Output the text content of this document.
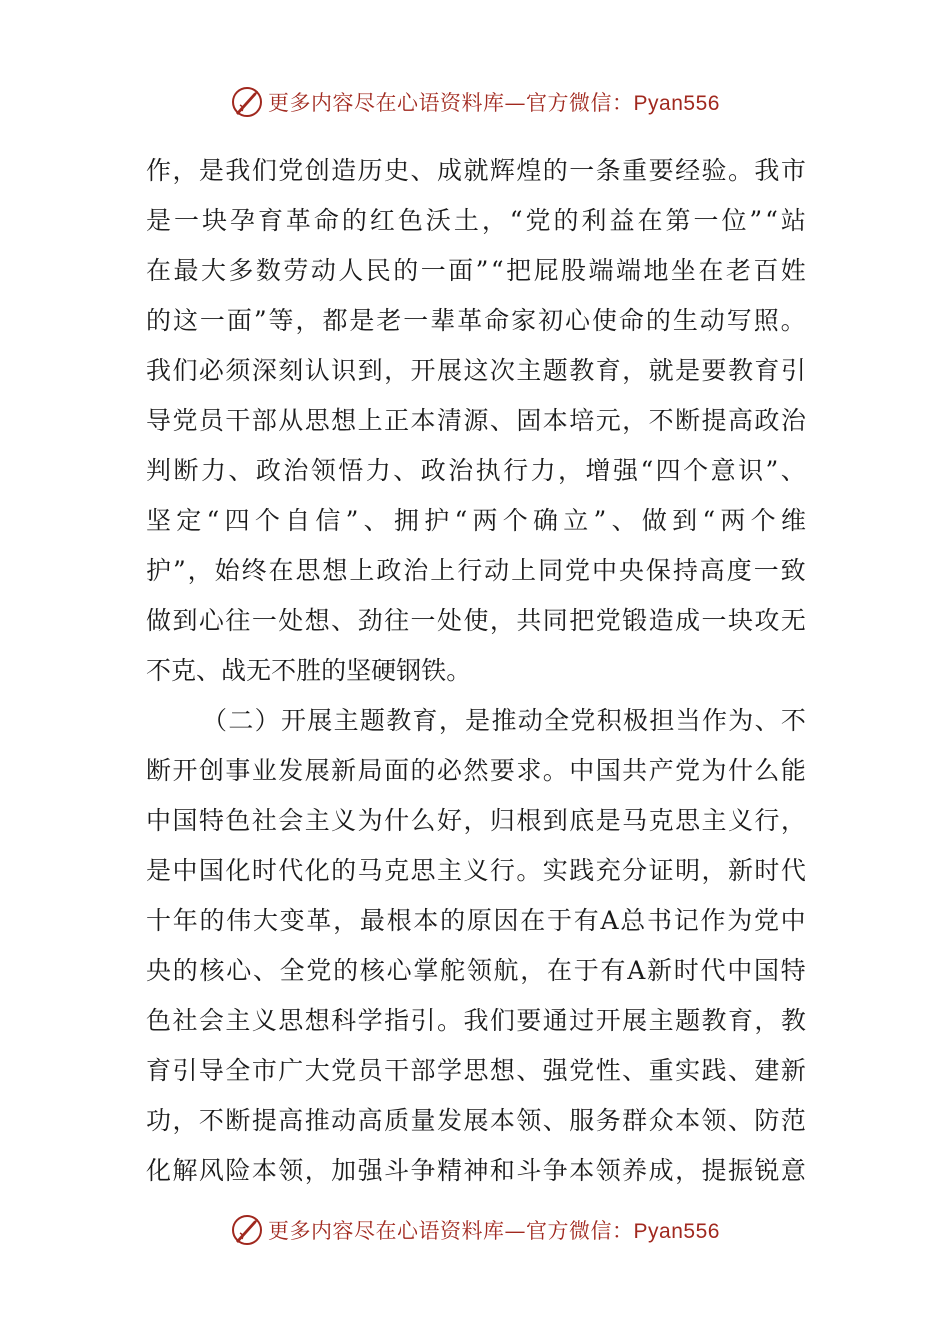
更多内容尽在心语资料库—官方微信：Pyan556
作 ， 是 我 们 党 创 造 历 史 、 成 就 辉 煌 的 一 条 重 要 经 验 。 我 市
是 一 块 孕 育 革 命 的 红 色 沃 土 ， “ 党 的 利 益 在 第 一 位 ” “ 站
在 最 大 多 数 劳 动 人 民 的 一 面 ” “ 把 屁 股 端 端 地 坐 在 老 百 姓
的 这 一 面 ” 等 ， 都 是 老 一 辈 革 命 家 初 心 使 命 的 生 动 写 照 。
我 们 必 须 深 刻 认 识 到 ， 开 展 这 次 主 题 教 育 ， 就 是 要 教 育 引
导 党 员 干 部 从 思 想 上 正 本 清 源 、 固 本 培 元 ， 不 断 提 高 政 治
判 断 力 、 政 治 领 悟 力 、 政 治 执 行 力 ， 增 强 “ 四 个 意 识 ” 、
坚 定 “ 四 个 自 信 ” 、 拥 护 “ 两 个 确 立 ” 、 做 到 “ 两 个 维
护 ” ， 始 终 在 思 想 上 政 治 上 行 动 上 同 党 中 央 保 持 高 度 一 致
做 到 心 往 一 处 想 、 劲 往 一 处 使 ， 共 同 把 党 锻 造 成 一 块 攻 无
不 克 、 战 无 不 胜 的 坚 硬 钢 铁 。
（ 二 ） 开 展 主 题 教 育 ， 是 推 动 全 党 积 极 担 当 作 为 、 不
断 开 创 事 业 发 展 新 局 面 的 必 然 要 求 。 中 国 共 产 党 为 什 么 能
中 国 特 色 社 会 主 义 为 什 么 好 ， 归 根 到 底 是 马 克 思 主 义 行 ，
是 中 国 化 时 代 化 的 马 克 思 主 义 行 。 实 践 充 分 证 明 ， 新 时 代
十 年 的 伟 大 变 革 ， 最 根 本 的 原 因 在 于 有 A 总 书 记 作 为 党 中
央 的 核 心 、 全 党 的 核 心 掌 舵 领 航 ， 在 于 有 A 新 时 代 中 国 特
色 社 会 主 义 思 想 科 学 指 引 。 我 们 要 通 过 开 展 主 题 教 育 ， 教
育 引 导 全 市 广 大 党 员 干 部 学 思 想 、 强 党 性 、 重 实 践 、 建 新
功 ， 不 断 提 高 推 动 高 质 量 发 展 本 领 、 服 务 群 众 本 领 、 防 范
化 解 风 险 本 领 ， 加 强 斗 争 精 神 和 斗 争 本 领 养 成 ， 提 振 锐 意
更多内容尽在心语资料库—官方微信：Pyan556
